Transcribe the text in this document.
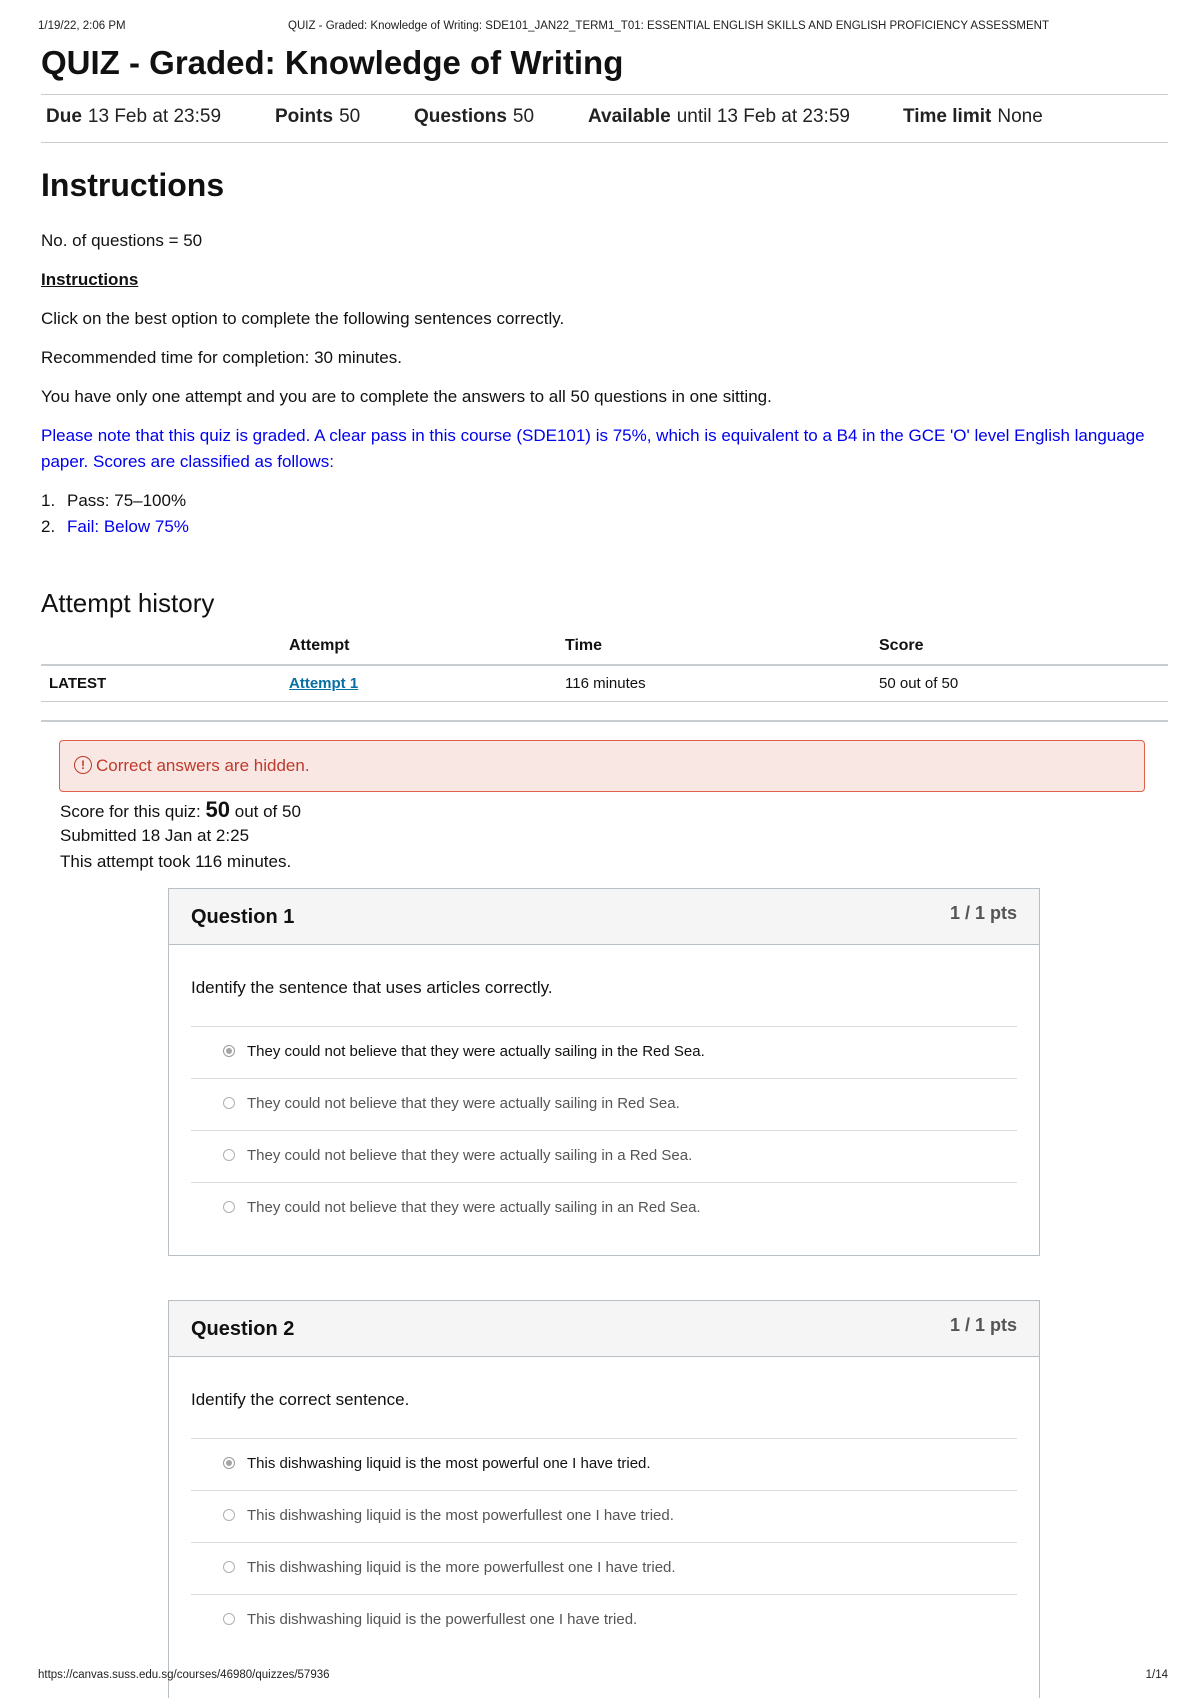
1/19/22, 2:06 PM	QUIZ - Graded: Knowledge of Writing: SDE101_JAN22_TERM1_T01: ESSENTIAL ENGLISH SKILLS AND ENGLISH PROFICIENCY ASSESSMENT
QUIZ - Graded: Knowledge of Writing
Due 13 Feb at 23:59	Points 50	Questions 50	Available until 13 Feb at 23:59	Time limit None
Instructions

No. of questions = 50

Instructions

Click on the best option to complete the following sentences correctly.

Recommended time for completion: 30 minutes.

You have only one attempt and you are to complete the answers to all 50 questions in one sitting.

Please note that this quiz is graded. A clear pass in this course (SDE101) is 75%, which is equivalent to a B4 in the GCE 'O' level English language

paper. Scores are classified as follows:

1. Pass: 75–100%
2. Fail: Below 75%
Attempt history
	Attempt	Time	Score
LATEST	Attempt 1	116 minutes	50 out of 50
! Correct answers are hidden.
Score for this quiz: 50 out of 50
Submitted 18 Jan at 2:25
This attempt took 116 minutes.
Question 1	1 / 1 pts
Identify the sentence that uses articles correctly.
They could not believe that they were actually sailing in the Red Sea.
They could not believe that they were actually sailing in Red Sea.
They could not believe that they were actually sailing in a Red Sea.
They could not believe that they were actually sailing in an Red Sea.
Question 2	1 / 1 pts
Identify the correct sentence.
This dishwashing liquid is the most powerful one I have tried.
This dishwashing liquid is the most powerfullest one I have tried.
This dishwashing liquid is the more powerfullest one I have tried.
This dishwashing liquid is the powerfullest one I have tried.
https://canvas.suss.edu.sg/courses/46980/quizzes/57936	1/14
